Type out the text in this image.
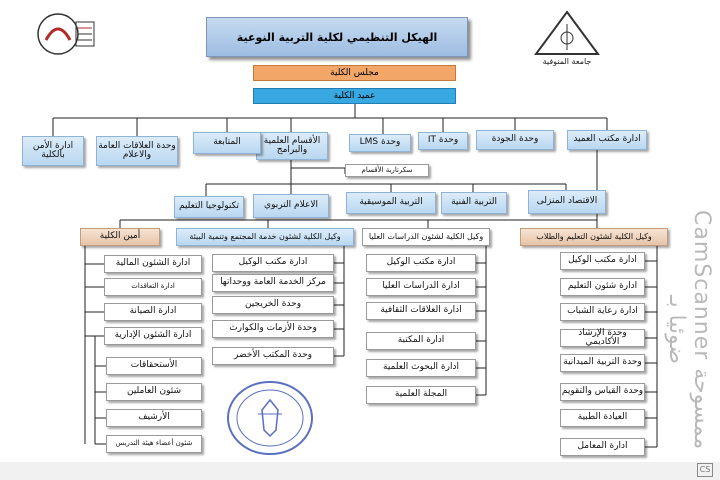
جامعة المنوفية
الهيكل التنظيمي لكلية التربية النوعية
مجلس الكلية
عميد الكلية
ادارة مكتب العميد
وحدة الجودة
وحدة IT
وحدة LMS
الأقسام العلمية والبرامج
المتابعة
وحدة العلاقات العامة والاعلام
ادارة الأمن بالكلية
سكرتارية الأقسام
الاقتصاد المنزلى
التربية الفنية
التربية الموسيقية
الاعلام التربوي
تكنولوجيا التعليم
وكيل الكلية لشئون التعليم والطلاب
وكيل الكلية لشئون الدراسات العليا
وكيل الكلية لشئون خدمة المجتمع وتنمية البيئة
أمين الكلية
ادارة مكتب الوكيل
ادارة شئون التعليم
ادارة رعاية الشباب
وحدة الإرشاد الأكاديمي
وحدة التربية الميدانية
وحدة القياس والتقويم
العيادة الطبية
ادارة المعامل
ادارة مكتب الوكيل
ادارة الدراسات العليا
ادارة العلاقات الثقافية
ادارة المكتبة
ادارة البحوث العلمية
المجلة العلمية
ادارة مكتب الوكيل
مركز الخدمة العامة ووحداتها
وحدة الخريجين
وحدة الأزمات والكوارث
وحدة المكتب الأخضر
ادارة الشئون المالية
ادارة التعاقدات
ادارة الصيانة
ادارة الشئون الإدارية
الأستحقاقات
شئون العاملين
الأرشيف
شئون أعضاء هيئة التدريس
CamScanner ممسوحة ضوئيا بـ
CS
